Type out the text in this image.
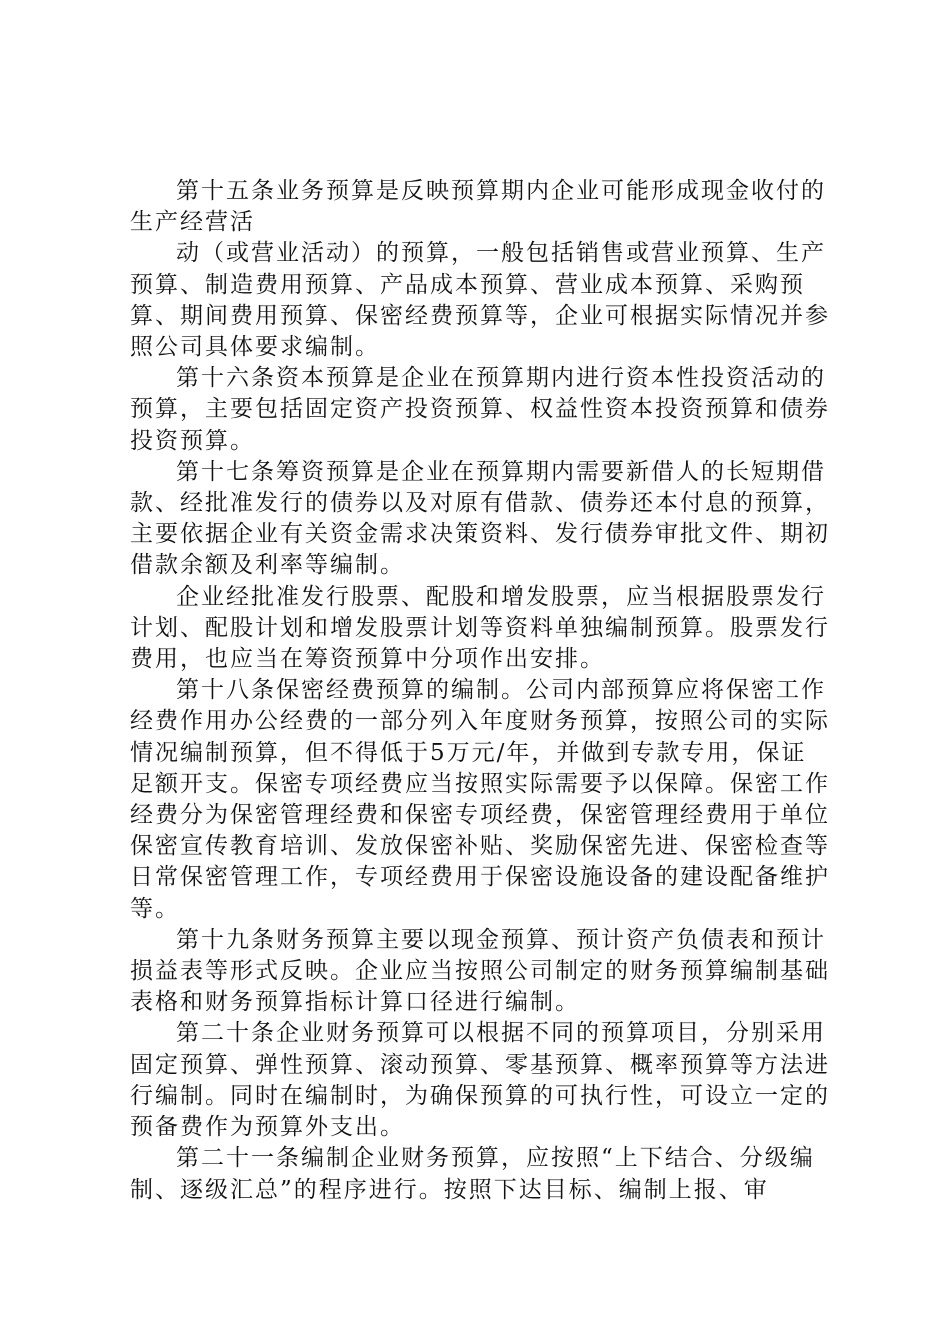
第十五条业务预算是反映预算期内企业可能形成现金收付的生产经营活

动（或营业活动）的预算，一般包括销售或营业预算、生产预算、制造费用预算、产品成本预算、营业成本预算、采购预算、期间费用预算、保密经费预算等，企业可根据实际情况并参照公司具体要求编制。

第十六条资本预算是企业在预算期内进行资本性投资活动的预算，主要包括固定资产投资预算、权益性资本投资预算和债券投资预算。

第十七条筹资预算是企业在预算期内需要新借人的长短期借款、经批准发行的债券以及对原有借款、债券还本付息的预算，主要依据企业有关资金需求决策资料、发行债券审批文件、期初借款余额及利率等编制。

企业经批准发行股票、配股和增发股票，应当根据股票发行计划、配股计划和增发股票计划等资料单独编制预算。股票发行费用，也应当在筹资预算中分项作出安排。

第十八条保密经费预算的编制。公司内部预算应将保密工作经费作用办公经费的一部分列入年度财务预算，按照公司的实际情况编制预算，但不得低于5万元/年，并做到专款专用，保证足额开支。保密专项经费应当按照实际需要予以保障。保密工作经费分为保密管理经费和保密专项经费，保密管理经费用于单位保密宣传教育培训、发放保密补贴、奖励保密先进、保密检查等日常保密管理工作，专项经费用于保密设施设备的建设配备维护等。

第十九条财务预算主要以现金预算、预计资产负债表和预计损益表等形式反映。企业应当按照公司制定的财务预算编制基础表格和财务预算指标计算口径进行编制。

第二十条企业财务预算可以根据不同的预算项目，分别采用固定预算、弹性预算、滚动预算、零基预算、概率预算等方法进行编制。同时在编制时，为确保预算的可执行性，可设立一定的预备费作为预算外支出。

第二十一条编制企业财务预算，应按照“上下结合、分级编制、逐级汇总”的程序进行。按照下达目标、编制上报、审
